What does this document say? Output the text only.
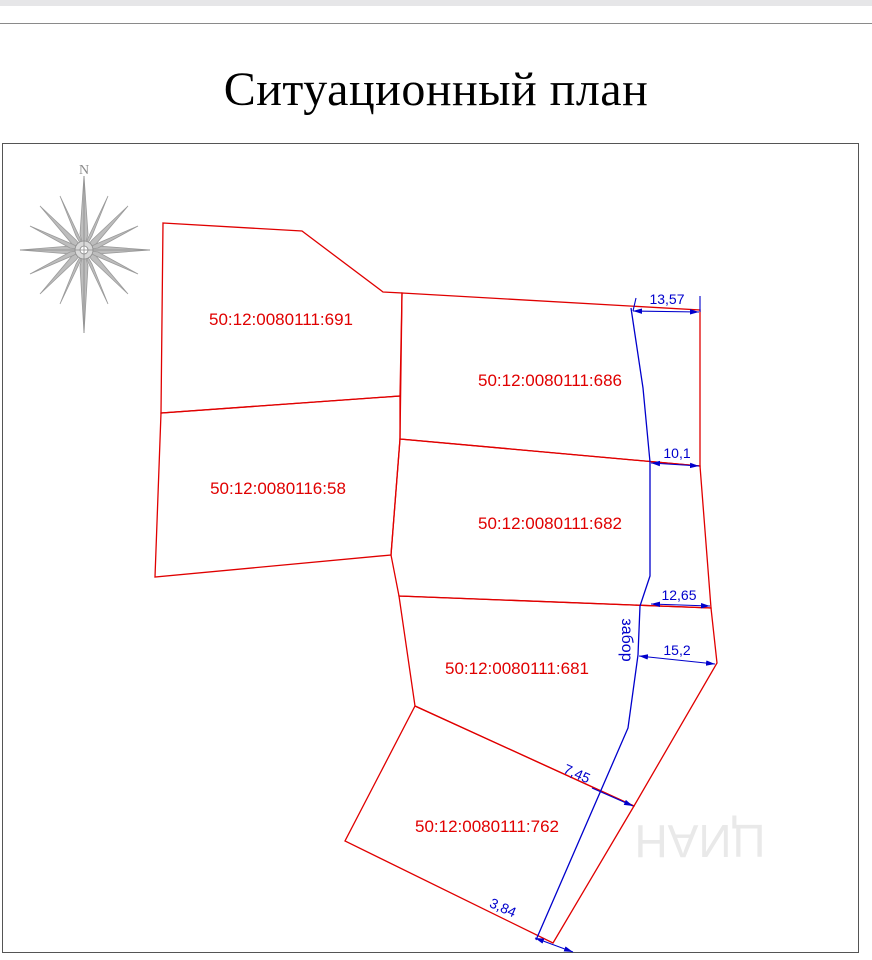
Ситуационный план
ЦИАН
N
50:12:0080111:691
50:12:0080111:686
50:12:0080116:58
50:12:0080111:682
50:12:0080111:681
50:12:0080111:762
забор
13,57
10,1
12,65
15,2
7,45
3,84
